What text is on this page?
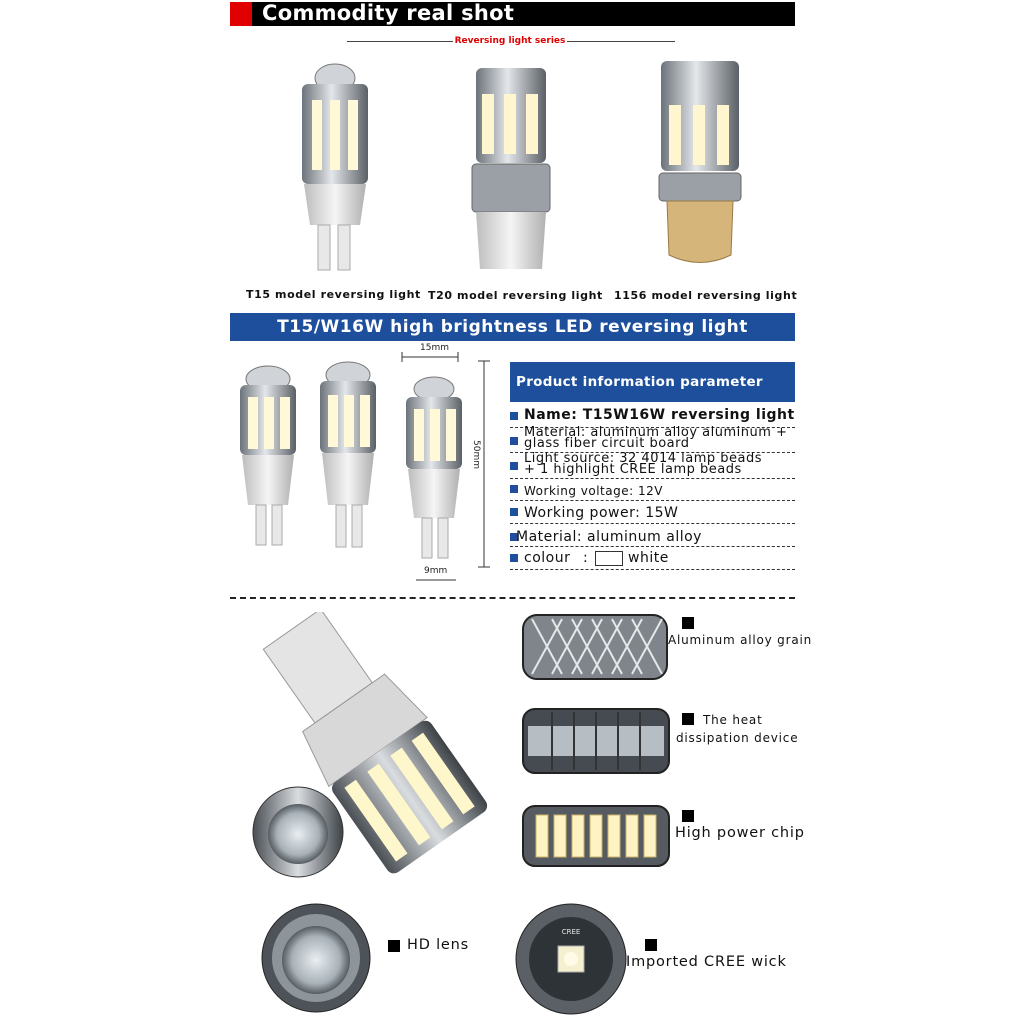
Commodity real shot
Reversing light series
T15 model reversing light T20 model reversing light 1156 model reversing light
T15/W16W high brightness LED reversing light
15mm
50mm
9mm
Product information parameter
Name: T15W16W reversing light
Material: aluminum alloy aluminum +
glass fiber circuit board
Light source: 32 4014 lamp beads
+ 1 highlight CREE lamp beads
Working voltage: 12V
Working power: 15W
Material: aluminum alloy
colour :	white
Aluminum alloy grain
The heat
dissipation device
High power chip
HD lens
CREE
Imported CREE wick
